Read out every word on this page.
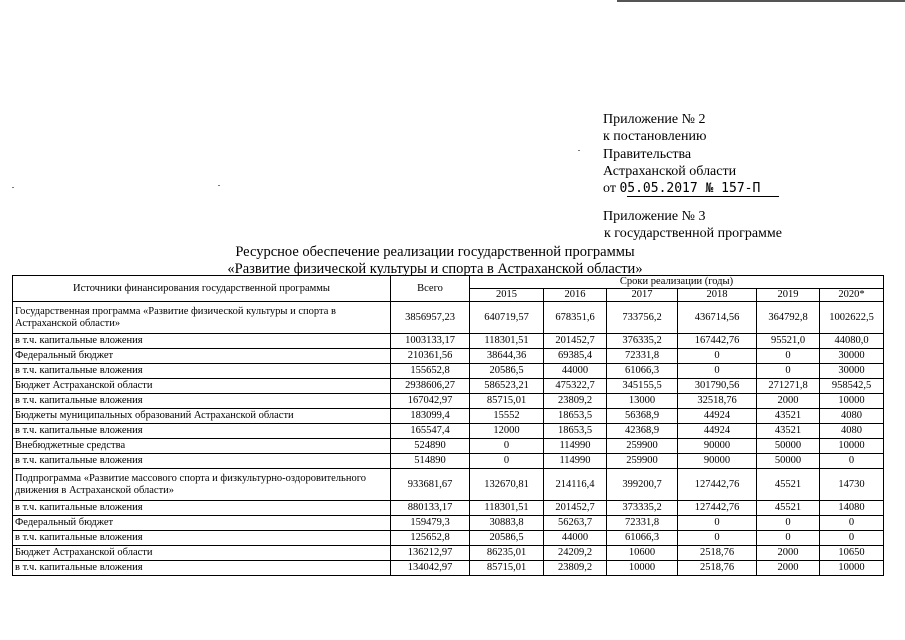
Приложение № 2
к постановлению
Правительства
Астраханской области
от 05.05.2017 № 157-П
Приложение № 3
к государственной программе
Ресурсное обеспечение реализации государственной программы
«Развитие физической культуры и спорта в Астраханской области»
Источники финансирования государственной программы	Всего	Сроки реализации (годы)					
		2015	2016	2017	2018	2019	2020*
Государственная программа «Развитие физической культуры и спорта в Астраханской области»	3856957,23	640719,57	678351,6	733756,2	436714,56	364792,8	1002622,5
в т.ч. капитальные вложения	1003133,17	118301,51	201452,7	376335,2	167442,76	95521,0	44080,0
Федеральный бюджет	210361,56	38644,36	69385,4	72331,8	0	0	30000
в т.ч. капитальные вложения	155652,8	20586,5	44000	61066,3	0	0	30000
Бюджет Астраханской области	2938606,27	586523,21	475322,7	345155,5	301790,56	271271,8	958542,5
в т.ч. капитальные вложения	167042,97	85715,01	23809,2	13000	32518,76	2000	10000
Бюджеты муниципальных образований Астраханской области	183099,4	15552	18653,5	56368,9	44924	43521	4080
в т.ч. капитальные вложения	165547,4	12000	18653,5	42368,9	44924	43521	4080
Внебюджетные средства	524890	0	114990	259900	90000	50000	10000
в т.ч. капитальные вложения	514890	0	114990	259900	90000	50000	0
Подпрограмма «Развитие массового спорта и физкультурно-оздоровительного движения в Астраханской области»	933681,67	132670,81	214116,4	399200,7	127442,76	45521	14730
в т.ч. капитальные вложения	880133,17	118301,51	201452,7	373335,2	127442,76	45521	14080
Федеральный бюджет	159479,3	30883,8	56263,7	72331,8	0	0	0
в т.ч. капитальные вложения	125652,8	20586,5	44000	61066,3	0	0	0
Бюджет Астраханской области	136212,97	86235,01	24209,2	10600	2518,76	2000	10650
в т.ч. капитальные вложения	134042,97	85715,01	23809,2	10000	2518,76	2000	10000
